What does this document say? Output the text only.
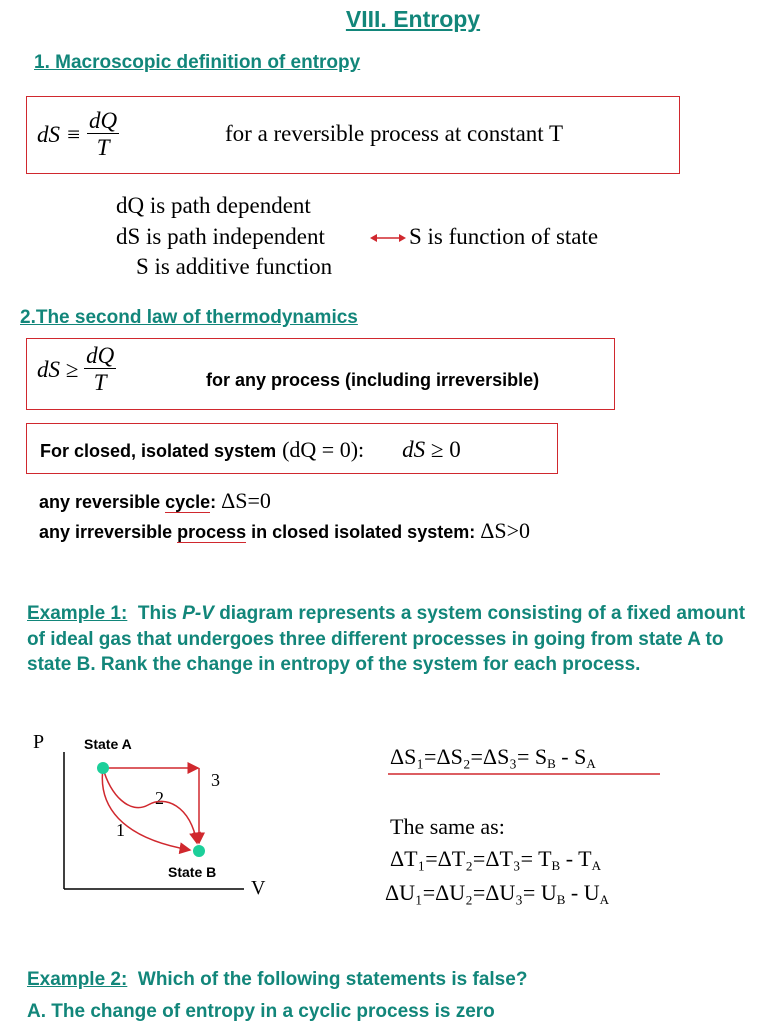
VIII. Entropy
1. Macroscopic definition of entropy
dS ≡
$\frac{dQ}{T}$	for a reversible process at constant T
dQ is path dependent
dS is path independent	S is function of state
S is additive function
2.The second law of thermodynamics
dS ≥
$\frac{dQ}{T}$	for any process (including irreversible)
For closed, isolated system (dQ = 0): dS ≥ 0
any reversible cycle: ΔS=0
any irreversible process in closed isolated system: ΔS>0
Example 1:  This P-V diagram represents a system consisting of a fixed amount of ideal gas that undergoes three different processes in going from state A to state B. Rank the change in entropy of the system for each process.
P
V
State A
State B
1
2
3
$\Delta S_1=\Delta S_2=\Delta S_3= S_B - S_A$
The same as:
$\Delta T_1=\Delta T_2=\Delta T_3= T_B - T_A$
$\Delta U_1=\Delta U_2=\Delta U_3= U_B - U_A$
Example 2:  Which of the following statements is false?
A. The change of entropy in a cyclic process is zero
